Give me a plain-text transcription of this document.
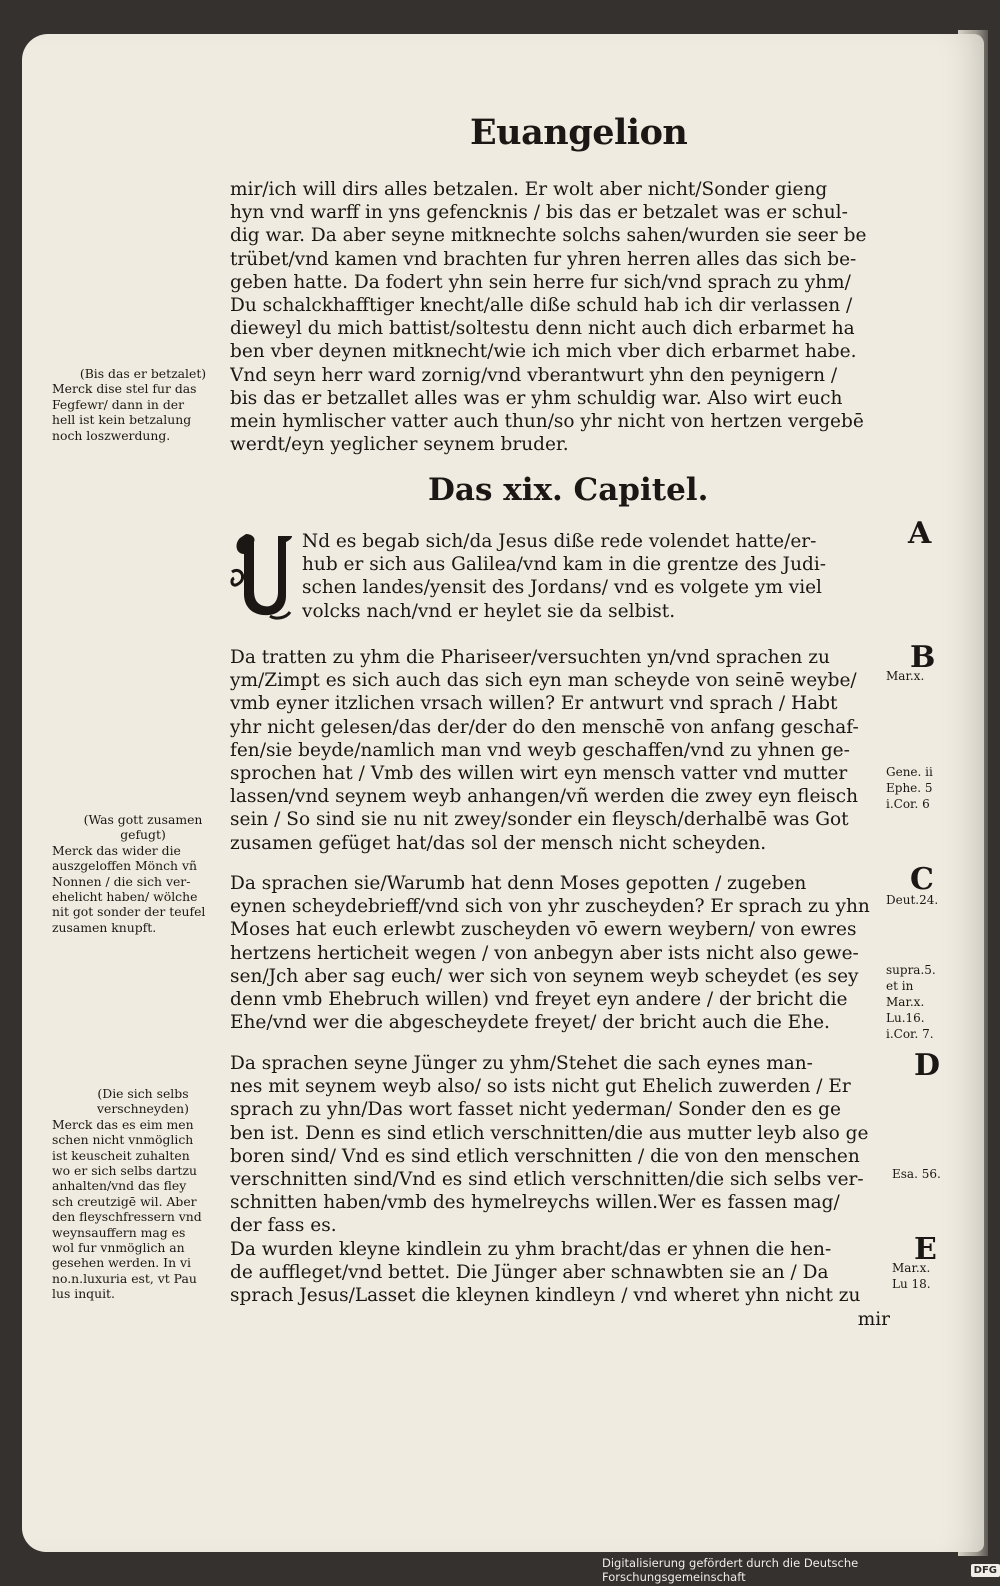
Euangelion
mir/ich will dirs alles betzalen. Er wolt aber nicht/Sonder gieng
hyn vnd warff in yns gefencknis / bis das er betzalet was er schul-
dig war. Da aber seyne mitknechte solchs sahen/wurden sie seer be
trübet/vnd kamen vnd brachten fur yhren herren alles das sich be-
geben hatte. Da fodert yhn sein herre fur sich/vnd sprach zu yhm/
Du schalckhafftiger knecht/alle diße schuld hab ich dir verlassen /
dieweyl du mich battist/soltestu denn nicht auch dich erbarmet ha
ben vber deynen mitknecht/wie ich mich vber dich erbarmet habe.
Vnd seyn herr ward zornig/vnd vberantwurt yhn den peynigern /
bis das er betzallet alles was er yhm schuldig war. Also wirt euch
mein hymlischer vatter auch thun/so yhr nicht von hertzen vergebē
werdt/eyn yeglicher seynem bruder.
Das xix. Capitel.
Nd es begab sich/da Jesus diße rede volendet hatte/er-
hub er sich aus Galilea/vnd kam in die grentze des Judi-
schen landes/yensit des Jordans/ vnd es volgete ym viel
volcks nach/vnd er heylet sie da selbist.
Da tratten zu yhm die Phariseer/versuchten yn/vnd sprachen zu
ym/Zimpt es sich auch das sich eyn man scheyde von seinē weybe/
vmb eyner itzlichen vrsach willen? Er antwurt vnd sprach / Habt
yhr nicht gelesen/das der/der do den menschē von anfang geschaf-
fen/sie beyde/namlich man vnd weyb geschaffen/vnd zu yhnen ge-
sprochen hat / Vmb des willen wirt eyn mensch vatter vnd mutter
lassen/vnd seynem weyb anhangen/vñ werden die zwey eyn fleisch
sein / So sind sie nu nit zwey/sonder ein fleysch/derhalbē was Got
zusamen gefüget hat/das sol der mensch nicht scheyden.
Da sprachen sie/Warumb hat denn Moses gepotten / zugeben
eynen scheydebrieff/vnd sich von yhr zuscheyden? Er sprach zu yhn
Moses hat euch erlewbt zuscheyden vō ewern weybern/ von ewres
hertzens herticheit wegen / von anbegyn aber ists nicht also gewe-
sen/Jch aber sag euch/ wer sich von seynem weyb scheydet (es sey
denn vmb Ehebruch willen) vnd freyet eyn andere / der bricht die
Ehe/vnd wer die abgescheydete freyet/ der bricht auch die Ehe.
Da sprachen seyne Jünger zu yhm/Stehet die sach eynes man-
nes mit seynem weyb also/ so ists nicht gut Ehelich zuwerden / Er
sprach zu yhn/Das wort fasset nicht yederman/ Sonder den es ge
ben ist. Denn es sind etlich verschnitten/die aus mutter leyb also ge
boren sind/ Vnd es sind etlich verschnitten / die von den menschen
verschnitten sind/Vnd es sind etlich verschnitten/die sich selbs ver-
schnitten haben/vmb des hymelreychs willen.Wer es fassen mag/
der fass es.
Da wurden kleyne kindlein zu yhm bracht/das er yhnen die hen-
de auffleget/vnd bettet. Die Jünger aber schnawbten sie an / Da
sprach Jesus/Lasset die kleynen kindleyn / vnd wheret yhn nicht zu
mir
(Bis das er betzalet)
Merck dise stel fur das
Fegfewr/ dann in der
hell ist kein betzalung
noch loszwerdung.
(Was gott zusamen
gefugt)
Merck das wider die
auszgeloffen Mönch vñ
Nonnen / die sich ver-
ehelicht haben/ wölche
nit got sonder der teufel
zusamen knupft.
(Die sich selbs
verschneyden)
Merck das es eim men
schen nicht vnmöglich
ist keuscheit zuhalten
wo er sich selbs dartzu
anhalten/vnd das fley
sch creutzigē wil. Aber
den fleyschfressern vnd
weynsauffern mag es
wol fur vnmöglich an
gesehen werden. In vi
no.n.luxuria est, vt Pau
lus inquit.
A
B
C
D
E
Mar.x.
Gene. ii
Ephe. 5
i.Cor. 6
Deut.24.
supra.5.
et in
Mar.x.
Lu.16.
i.Cor. 7.
Esa. 56.
Mar.x.
Lu 18.
Digitalisierung gefördert durch die Deutsche Forschungsgemeinschaft	DFG
